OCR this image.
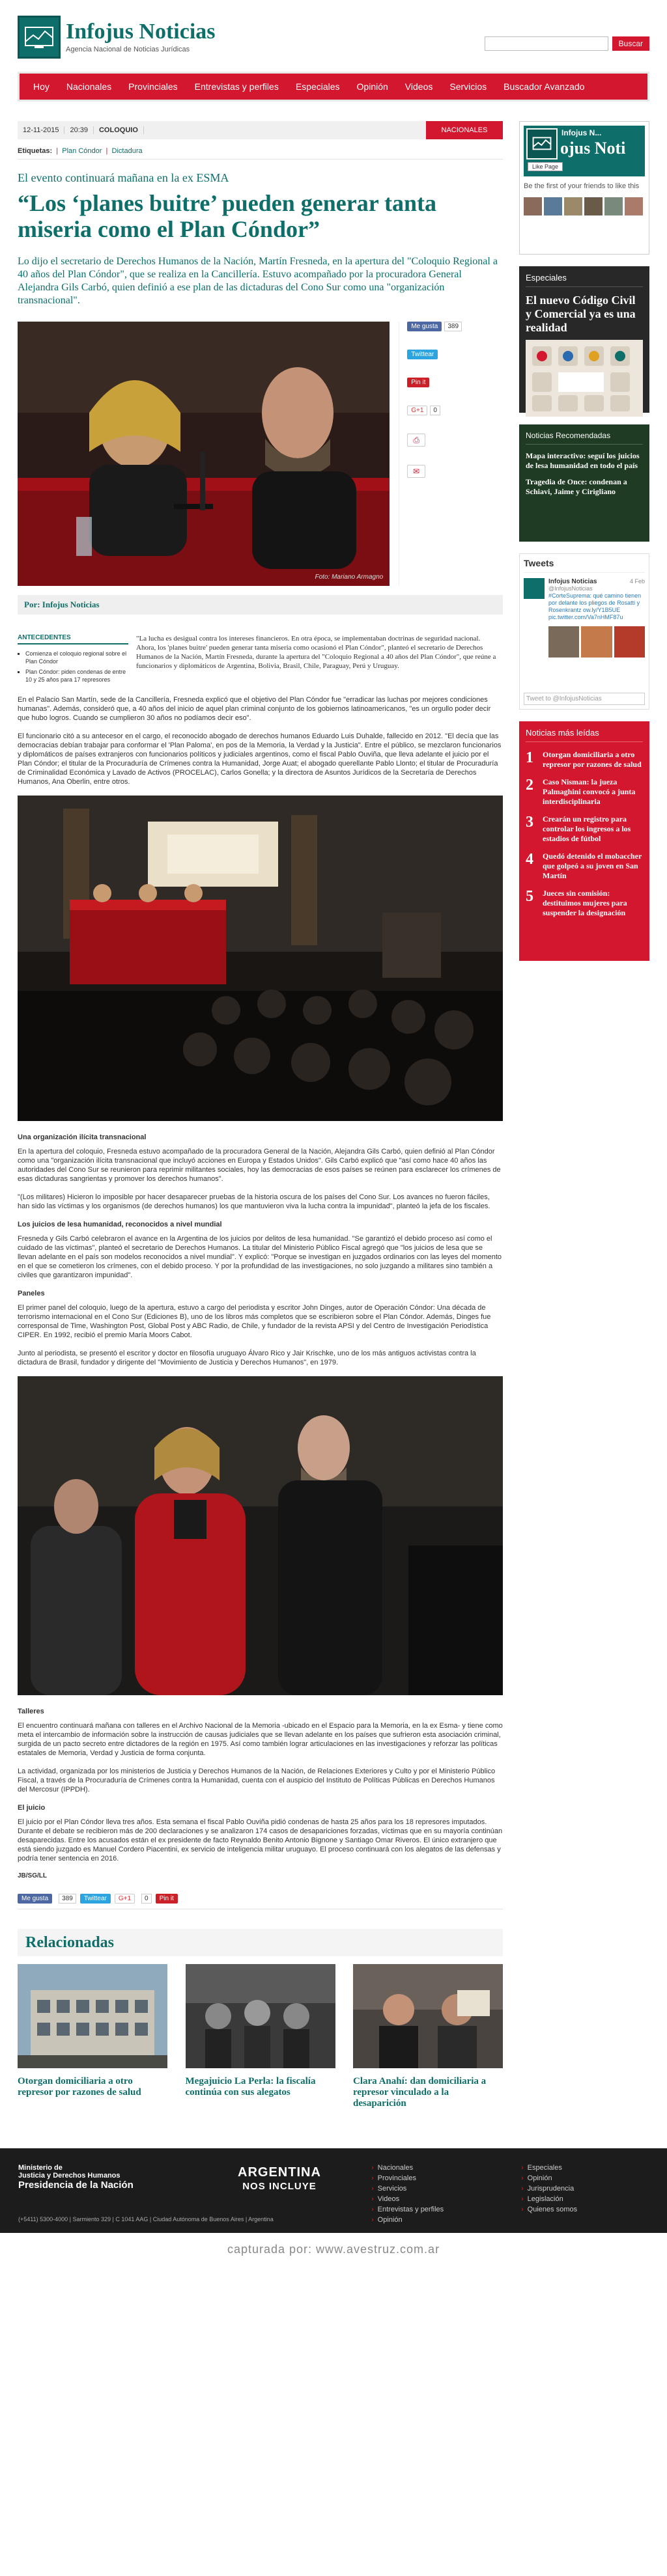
Infojus Noticias
Agencia Nacional de Noticias Jurídicas
Buscar
Hoy	Nacionales	Provinciales	Entrevistas y perfiles	Especiales	Opinión	Videos	Servicios	Buscador Avanzado
12-11-2015	20:39	COLOQUIO	NACIONALES
Etiquetas:  |  Plan Cóndor  |  Dictadura
El evento continuará mañana en la ex ESMA
“Los ‘planes buitre’ pueden generar tanta miseria como el Plan Cóndor”
Lo dijo el secretario de Derechos Humanos de la Nación, Martín Fresneda, en la apertura del "Coloquio Regional a 40 años del Plan Cóndor", que se realiza en la Cancillería. Estuvo acompañado por la procuradora General Alejandra Gils Carbó, quien definió a ese plan de las dictaduras del Cono Sur como una "organización transnacional".
Foto: Mariano Armagno
Me gusta	389
Twittear
Pin it
G+1	0
⎙
✉
Por: Infojus Noticias
ANTECEDENTES
▪ Comienza el coloquio regional sobre el Plan Cóndor
▪ Plan Cóndor: piden condenas de entre 10 y 25 años para 17 represores
"La lucha es desigual contra los intereses financieros. En otra época, se implementaban doctrinas de seguridad nacional. Ahora, los 'planes buitre' pueden generar tanta miseria como ocasionó el Plan Cóndor", planteó el secretario de Derechos Humanos de la Nación, Martín Fresneda, durante la apertura del "Coloquio Regional a 40 años del Plan Cóndor", que reúne a funcionarios y diplomáticos de Argentina, Bolivia, Brasil, Chile, Paraguay, Perú y Uruguay.

En el Palacio San Martín, sede de la Cancillería, Fresneda explicó que el objetivo del Plan Cóndor fue "erradicar las luchas por mejores condiciones humanas". Además, consideró que, a 40 años del inicio de aquel plan criminal conjunto de los gobiernos latinoamericanos, "es un orgullo poder decir que hubo logros. Cuando se cumplieron 30 años no podíamos decir eso".

El funcionario citó a su antecesor en el cargo, el reconocido abogado de derechos humanos Eduardo Luis Duhalde, fallecido en 2012. "El decía que las democracias debían trabajar para conformar el 'Plan Paloma', en pos de la Memoria, la Verdad y la Justicia". Entre el público, se mezclaron funcionarios y diplomáticos de países extranjeros con funcionarios políticos y judiciales argentinos, como el fiscal Pablo Ouviña, que lleva adelante el juicio por el Plan Cóndor; el titular de la Procuraduría de Crímenes contra la Humanidad, Jorge Auat; el abogado querellante Pablo Llonto; el titular de Procuraduría de Criminalidad Económica y Lavado de Activos (PROCELAC), Carlos Gonella; y la directora de Asuntos Jurídicos de la Secretaría de Derechos Humanos, Ana Oberlin, entre otros.

Una organización ilícita transnacional

En la apertura del coloquio, Fresneda estuvo acompañado de la procuradora General de la Nación, Alejandra Gils Carbó, quien definió al Plan Cóndor como una "organización ilícita transnacional que incluyó acciones en Europa y Estados Unidos". Gils Carbó explicó que "así como hace 40 años las autoridades del Cono Sur se reunieron para reprimir militantes sociales, hoy las democracias de esos países se reúnen para esclarecer los crímenes de esas dictaduras sangrientas y promover los derechos humanos".

"(Los militares) Hicieron lo imposible por hacer desaparecer pruebas de la historia oscura de los países del Cono Sur. Los avances no fueron fáciles, han sido las víctimas y los organismos (de derechos humanos) los que mantuvieron viva la lucha contra la impunidad", planteó la jefa de los fiscales.

Los juicios de lesa humanidad, reconocidos a nivel mundial

Fresneda y Gils Carbó celebraron el avance en la Argentina de los juicios por delitos de lesa humanidad. "Se garantizó el debido proceso así como el cuidado de las víctimas", planteó el secretario de Derechos Humanos. La titular del Ministerio Público Fiscal agregó que "los juicios de lesa que se llevan adelante en el país son modelos reconocidos a nivel mundial". Y explicó: "Porque se investigan en juzgados ordinarios con las leyes del momento en el que se cometieron los crímenes, con el debido proceso. Y por la profundidad de las investigaciones, no solo juzgando a militares sino también a civiles que garantizaron impunidad".

Paneles

El primer panel del coloquio, luego de la apertura, estuvo a cargo del periodista y escritor John Dinges, autor de Operación Cóndor: Una década de terrorismo internacional en el Cono Sur (Ediciones B), uno de los libros más completos que se escribieron sobre el Plan Cóndor. Además, Dinges fue corresponsal de Time, Washington Post, Global Post y ABC Radio, de Chile, y fundador de la revista APSI y del Centro de Investigación Periodística CIPER. En 1992, recibió el premio María Moors Cabot.

Junto al periodista, se presentó el escritor y doctor en filosofía uruguayo Álvaro Rico y Jair Krischke, uno de los más antiguos activistas contra la dictadura de Brasil, fundador y dirigente del "Movimiento de Justicia y Derechos Humanos", en 1979.

Talleres

El encuentro continuará mañana con talleres en el Archivo Nacional de la Memoria -ubicado en el Espacio para la Memoria, en la ex Esma- y tiene como meta el intercambio de información sobre la instrucción de causas judiciales que se llevan adelante en los países que sufrieron esta asociación criminal, surgida de un pacto secreto entre dictadores de la región en 1975. Así como también lograr articulaciones en las investigaciones y reforzar las políticas estatales de Memoria, Verdad y Justicia de forma conjunta.

La actividad, organizada por los ministerios de Justicia y Derechos Humanos de la Nación, de Relaciones Exteriores y Culto y por el Ministerio Público Fiscal, a través de la Procuraduría de Crímenes contra la Humanidad, cuenta con el auspicio del Instituto de Políticas Públicas en Derechos Humanos del Mercosur (IPPDH).

El juicio

El juicio por el Plan Cóndor lleva tres años. Esta semana el fiscal Pablo Ouviña pidió condenas de hasta 25 años para los 18 represores imputados. Durante el debate se recibieron más de 200 declaraciones y se analizaron 174 casos de desapariciones forzadas, víctimas que en su mayoría continúan desaparecidas. Entre los acusados están el ex presidente de facto Reynaldo Benito Antonio Bignone y Santiago Omar Riveros. El único extranjero que está siendo juzgado es Manuel Cordero Piacentini, ex servicio de inteligencia militar uruguayo. El proceso continuará con los alegatos de las defensas y podría tener sentencia en 2016.

JB/SG/LL
Me gusta	389	Twittear	G+1	0	Pin it
Relacionadas
Otorgan domiciliaria a otro represor por razones de salud
Megajuicio La Perla: la fiscalía continúa con sus alegatos
Clara Anahí: dan domiciliaria a represor vinculado a la desaparición
Infojus N...
ojus Noti
Like Page
Be the first of your friends to like this
Especiales
El nuevo Código Civil y Comercial ya es una realidad
Noticias Recomendadas
Mapa interactivo: seguí los juicios de lesa humanidad en todo el país
Tragedia de Once: condenan a Schiavi, Jaime y Cirigliano
Tweets
Infojus Noticias	4 Feb

@InfojusNoticias
#CorteSupremа: qué camino tienen por delante los pliegos de Rosatti y Rosenkrantz ow.ly/Y1B5UE pic.twitter.com/Va7nHMF87u
Tweet to @InfojusNoticias
Noticias más leídas
1	Otorgan domiciliaria a otro represor por razones de salud
2	Caso Nisman: la jueza Palmaghini convocó a junta interdisciplinaria
3	Crearán un registro para controlar los ingresos a los estadios de fútbol
4	Quedó detenido el mobaccher que golpeó a su joven en San Martín
5	Jueces sin comisión: destituimos mujeres para suspender la designación
Ministerio de
Justicia y Derechos Humanos
Presidencia de la Nación
(+5411) 5300-4000 | Sarmiento 329 | C 1041 AAG | Ciudad Autónoma de Buenos Aires | Argentina
ARGENTINA
NOS INCLUYE
› Nacionales
› Provinciales
› Servicios
› Videos
› Entrevistas y perfiles
› Opinión
› Especiales
› Opinión
› Jurisprudencia
› Legislación
› Quienes somos
capturada por: www.avestruz.com.ar
